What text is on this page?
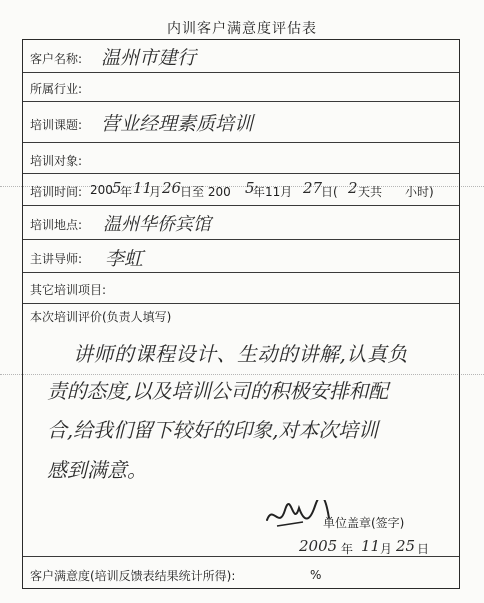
内训客户满意度评估表
客户名称: 温州市建行
所属行业:
培训课题: 营业经理素质培训
培训对象:
培训时间: 200 5
年 11
月 26
日至 200 5
年11月 27
日( 2 天共 小时)
培训地点: 温州华侨宾馆
主讲导师: 李虹
其它培训项目:
本次培训评价(负责人填写)
讲师的课程设计、生动的讲解,认真负
责的态度,以及培训公司的积极安排和配
合,给我们留下较好的印象,对本次培训
感到满意。
单位盖章(签字)
2005 年 11 月 25 日
客户满意度(培训反馈表结果统计所得):	%
